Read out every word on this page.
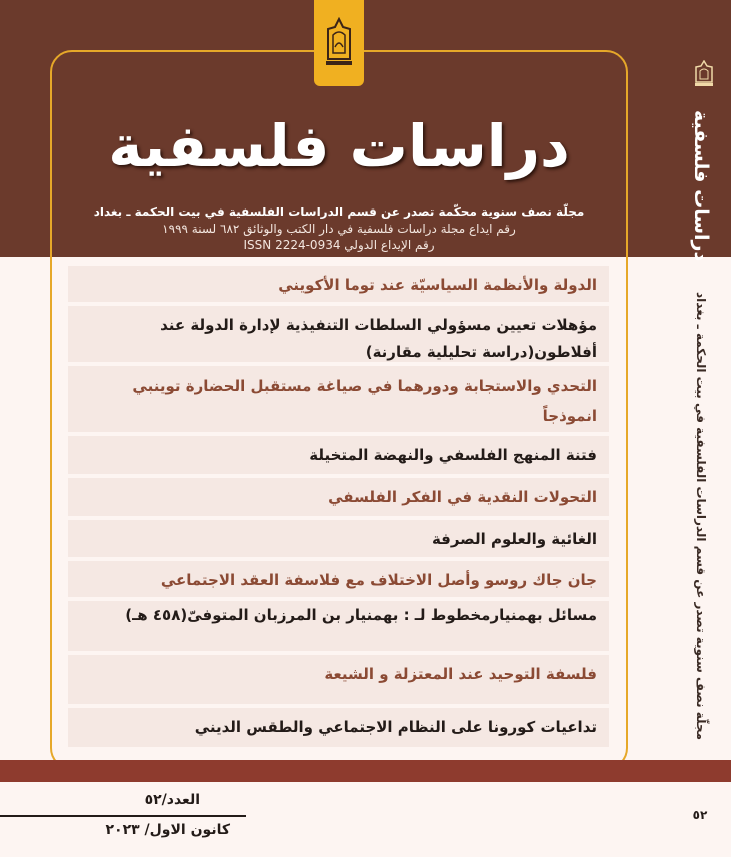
دراسات فلسفية
مجلّة نصف سنوية محكّمة تصدر عن قسم الدراسات الفلسفية في بيت الحكمة ـ بغداد
رقم ايداع مجلة دراسات فلسفية في دار الكتب والوثائق ٦٨٢ لسنة ١٩٩٩
رقم الإيداع الدولي ISSN 2224-0934
الدولة والأنظمة السياسيّة عند توما الأكويني
مؤهلات تعيين مسؤولي السلطات التنفيذية لإدارة الدولة عند أفلاطون(دراسة تحليلية مقارنة)
التحدي والاستجابة ودورهما في صياغة مستقبل الحضارة توينبي انموذجاً
فتنة المنهج الفلسفي والنهضة المتخيلة
التحولات النقدية في الفكر الفلسفي
الغائية والعلوم الصرفة
جان جاك روسو وأصل الاختلاف مع فلاسفة العقد الاجتماعي
مسائل بهمنيارمخطوط لـ : بهمنيار بن المرزبان المتوفىّ(٤٥٨ هـ)
فلسفة التوحيد عند المعتزلة و الشيعة
تداعيات كورونا على النظام الاجتماعي والطقس الديني
دراسات فلسفية
مجلّة نصف سنوية تصدر عن قسم الدراسات الفلسفية في بيت الحكمة ـ بغداد
العدد/٥٢
كانون الاول/ ٢٠٢٣
٥٢
